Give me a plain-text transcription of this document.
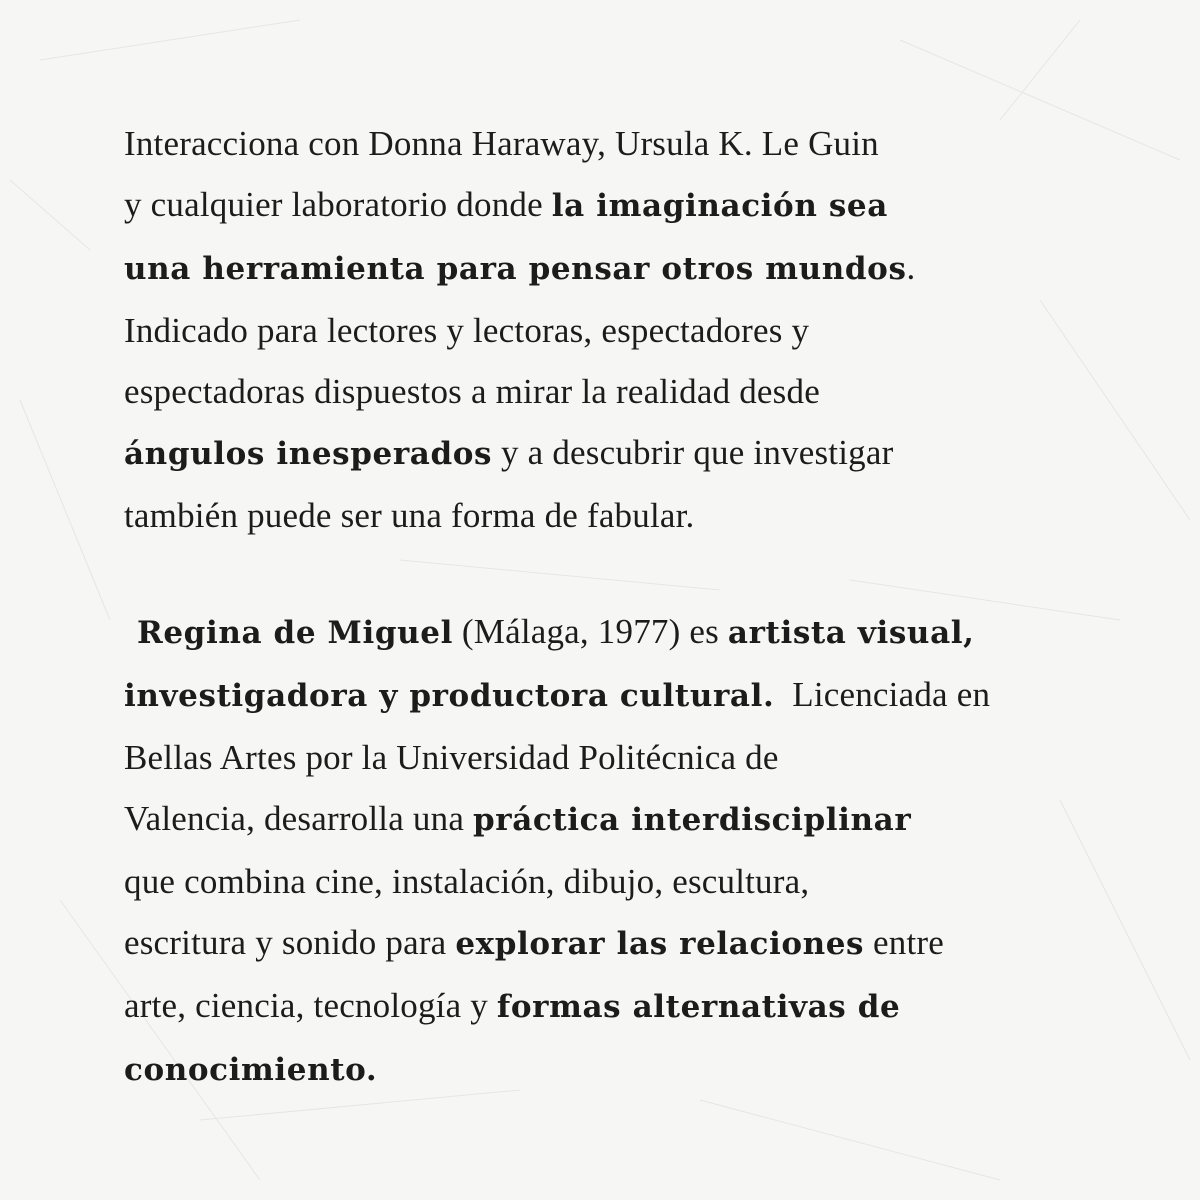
Interacciona con Donna Haraway, Ursula K. Le Guin
y cualquier laboratorio donde la imaginación sea
una herramienta para pensar otros mundos.
Indicado para lectores y lectoras, espectadores y
espectadoras dispuestos a mirar la realidad desde
ángulos inesperados y a descubrir que investigar
también puede ser una forma de fabular.
Regina de Miguel (Málaga, 1977) es artista visual,
investigadora y productora cultural.  Licenciada en
Bellas Artes por la Universidad Politécnica de
Valencia, desarrolla una práctica interdisciplinar
que combina cine, instalación, dibujo, escultura,
escritura y sonido para explorar las relaciones entre
arte, ciencia, tecnología y formas alternativas de
conocimiento.
